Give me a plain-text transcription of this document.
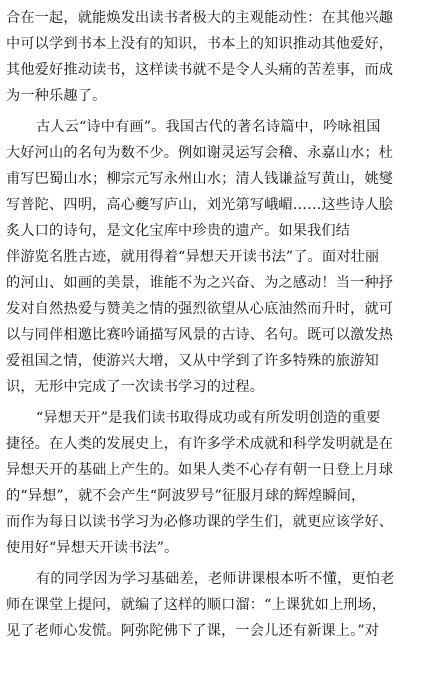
合在一起，就能焕发出读书者极大的主观能动性：在其他兴趣
中可以学到书本上没有的知识，书本上的知识推动其他爱好，
其他爱好推动读书，这样读书就不是令人头痛的苦差事，而成
为一种乐趣了。
古人云“诗中有画”。我国古代的著名诗篇中，吟咏祖国
大好河山的名句为数不少。例如谢灵运写会稽、永嘉山水；杜
甫写巴蜀山水；柳宗元写永州山水；清人钱谦益写黄山，姚燮
写普陀、四明，高心夔写庐山，刘光第写峨嵋……这些诗人脍
炙人口的诗句，是文化宝库中珍贵的遗产。如果我们结
伴游览名胜古迹，就用得着“异想天开读书法”了。面对壮丽
的河山、如画的美景，谁能不为之兴奋、为之感动！当一种抒
发对自然热爱与赞美之情的强烈欲望从心底油然而升时，就可
以与同伴相邀比赛吟诵描写风景的古诗、名句。既可以激发热
爱祖国之情，使游兴大增，又从中学到了许多特殊的旅游知
识，无形中完成了一次读书学习的过程。
“异想天开”是我们读书取得成功或有所发明创造的重要
捷径。在人类的发展史上，有许多学术成就和科学发明就是在
异想天开的基础上产生的。如果人类不心存有朝一日登上月球
的“异想”，就不会产生“阿波罗号”征服月球的辉煌瞬间，
而作为每日以读书学习为必修功课的学生们，就更应该学好、
使用好“异想天开读书法”。
有的同学因为学习基础差，老师讲课根本听不懂，更怕老
师在课堂上提问，就编了这样的顺口溜：“上课犹如上刑场，
见了老师心发慌。阿弥陀佛下了课，一会儿还有新课上。”对
